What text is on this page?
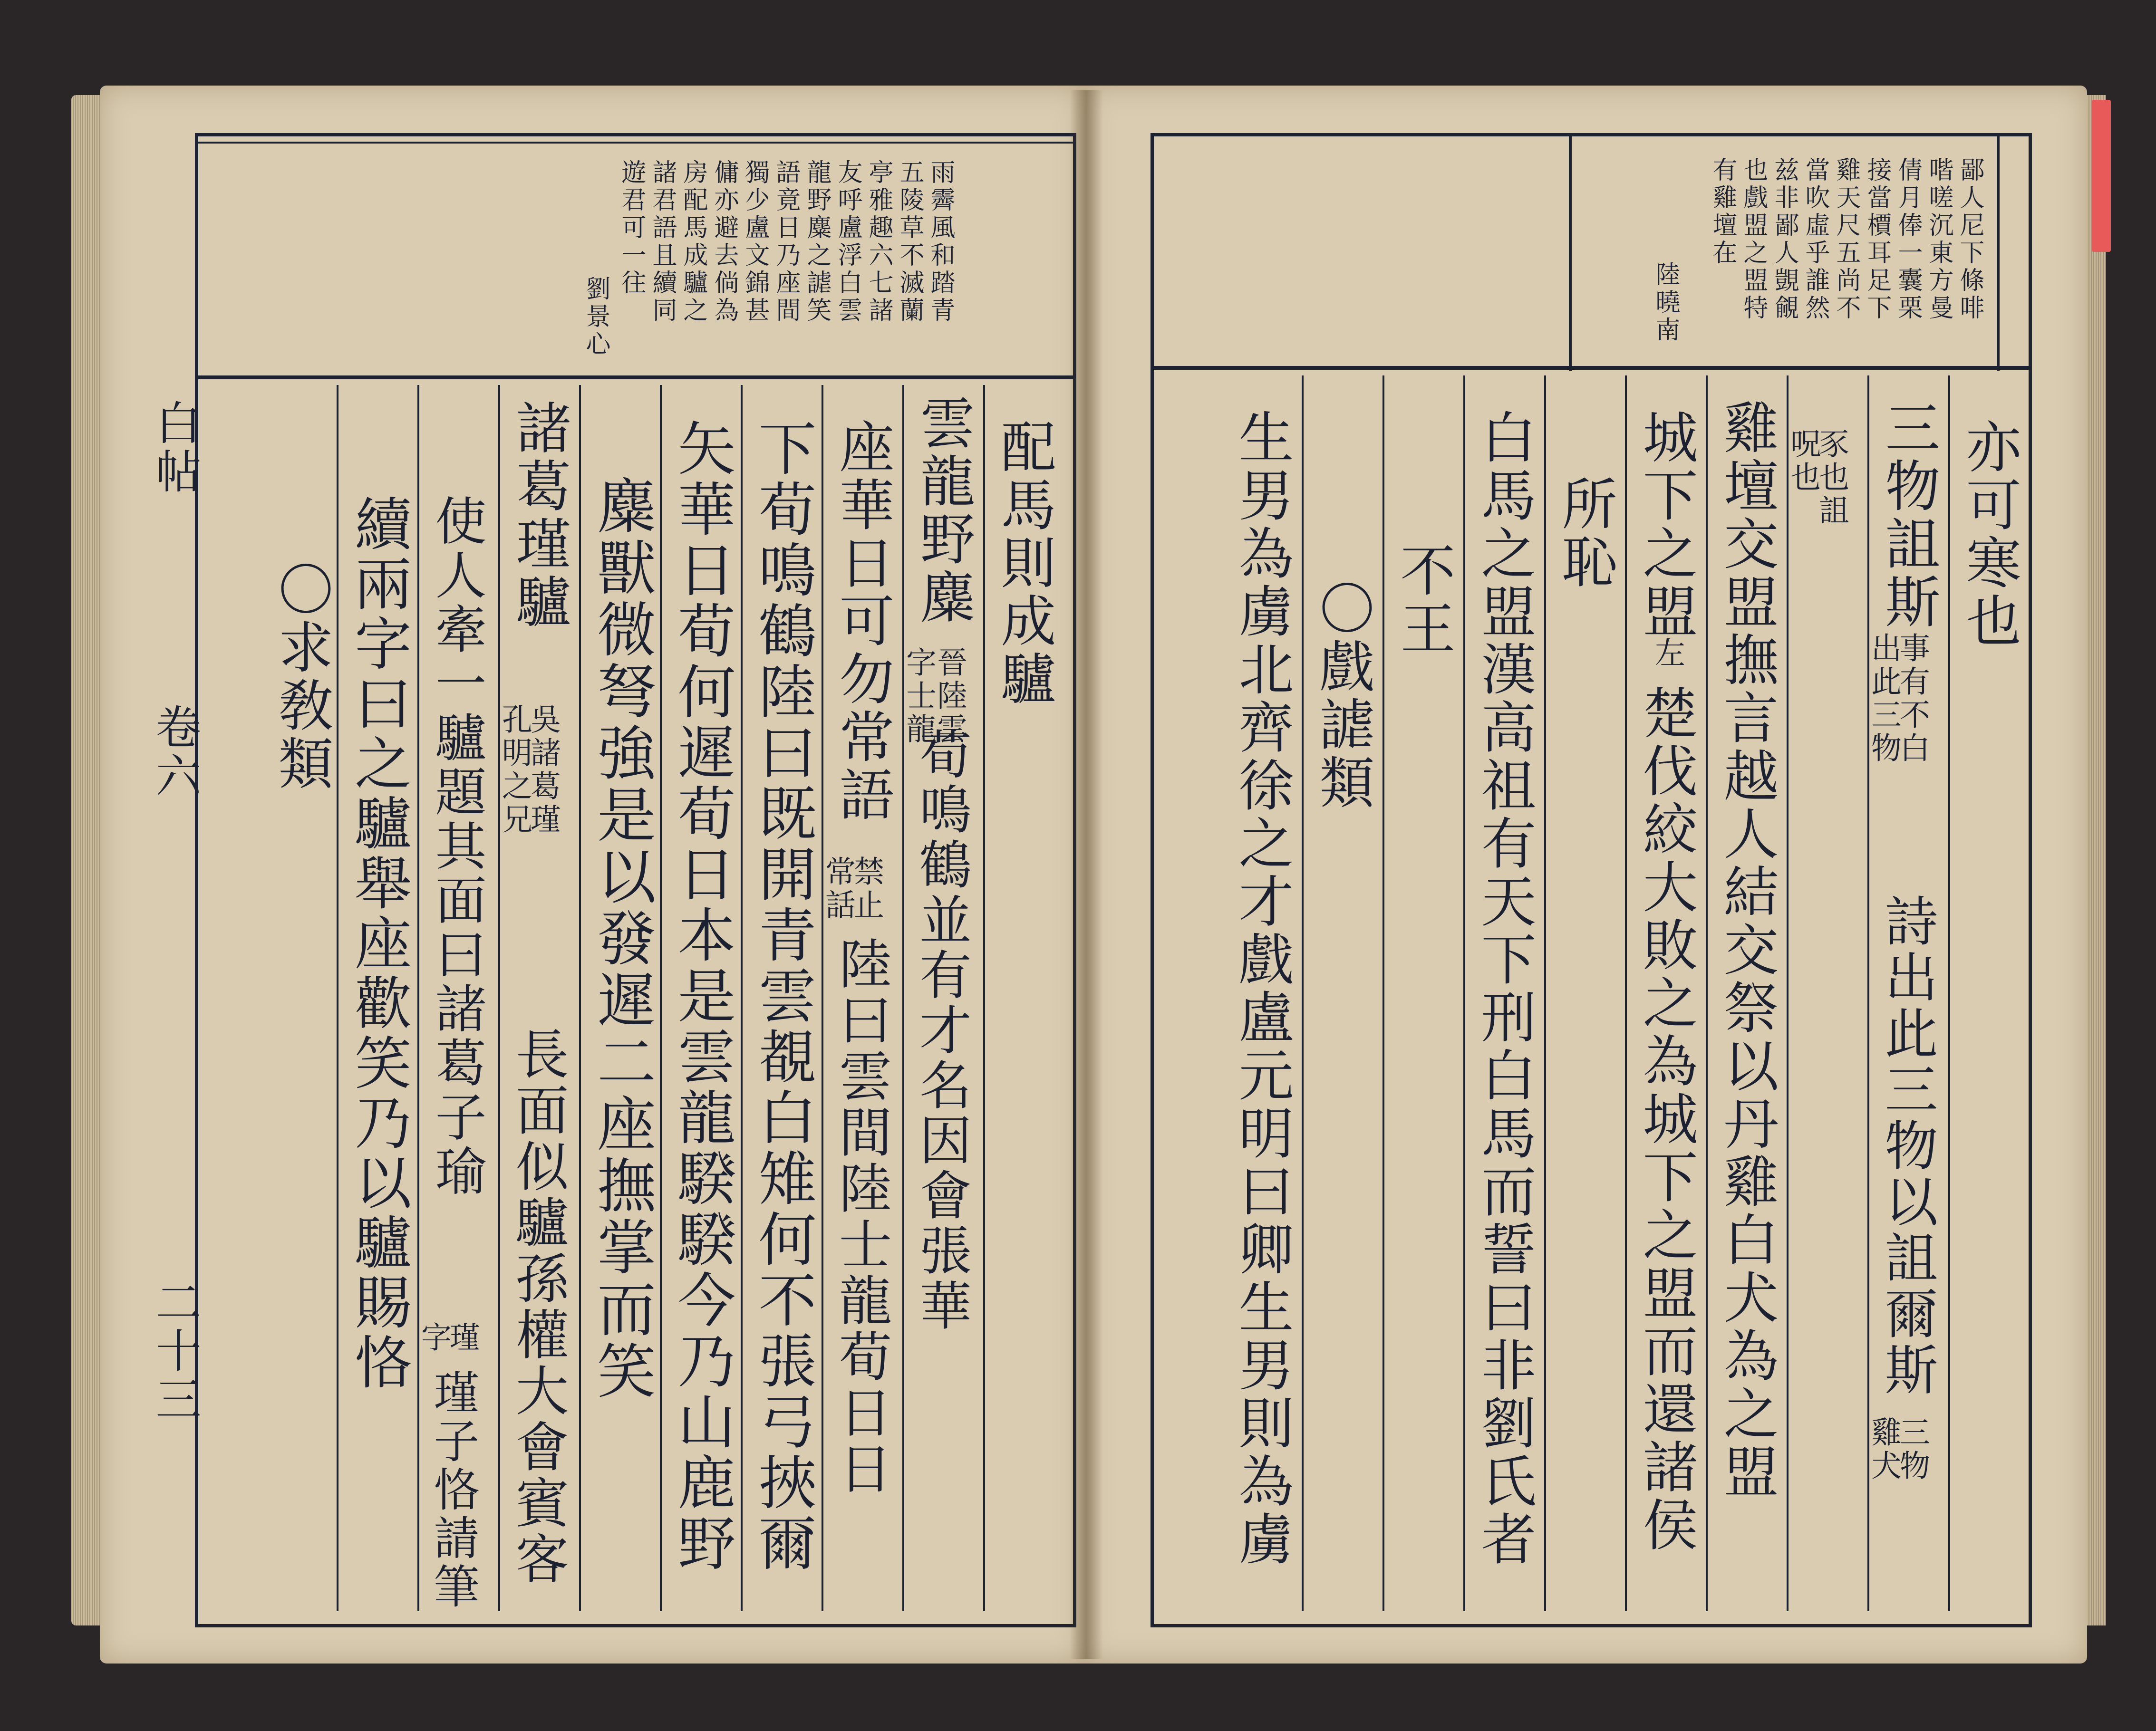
雨霽風和踏青
五陵草不滅蘭
亭雅趣六七諸
友呼盧浮白雲
龍野麋之謔笑
語竟日乃座間
獨少盧文錦甚
傭亦避去倘為
房配馬成驢之
諸君語且續同
遊君可一往
劉景心
白帖
卷六
二十三
配馬則成驢
雲龍野麋
晉陸雲
字士龍
荀鳴鶴並有才名因會張華
座華日可勿常語
禁止
常話
陸曰雲間陸士龍荀日日
下荀鳴鶴陸曰既開青雲覩白雉何不張弓挾爾
矢華日荀何遲荀日本是雲龍騤騤今乃山鹿野
麋獸微弩強是以發遲二座撫掌而笑
諸葛瑾驢
吳諸葛瑾
孔明之兄
長面似驢孫權大會賓客
使人牽一驢題其面曰諸葛子瑜
瑾
字
瑾子恪請筆
續兩字曰之驢舉座歡笑乃以驢賜恪
〇求敎類
鄙人尼下條啡
喈嗟沉東方曼
倩月俸一囊栗
接當檟耳足下
雞天尺五尚不
當吹虛乎誰然
兹非鄙人覬覦
也戲盟之盟特
有雞壇在
陸曉南
亦可寒也
三物詛斯
事有不白
出此三物
詩出此三物以詛爾斯
三物
雞犬
豕也詛
呪也
雞壇交盟撫言越人結交祭以丹雞白犬為之盟
城下之盟
左
楚伐絞大敗之為城下之盟而還諸侯
所恥
白馬之盟漢高祖有天下刑白馬而誓曰非劉氏者
不王
〇戲謔類
生男為虜北齊徐之才戲盧元明曰卿生男則為虜
